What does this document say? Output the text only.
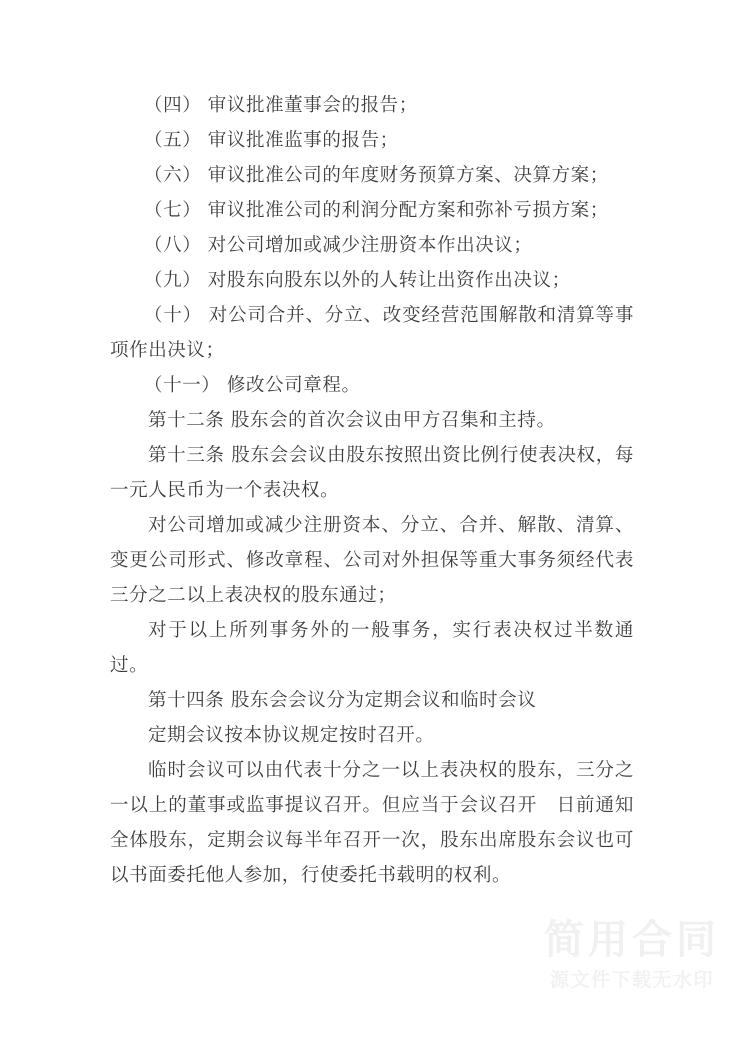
（四） 审议批准董事会的报告；

（五） 审议批准监事的报告；

（六） 审议批准公司的年度财务预算方案、决算方案；

（七） 审议批准公司的利润分配方案和弥补亏损方案；

（八） 对公司增加或减少注册资本作出决议；

（九） 对股东向股东以外的人转让出资作出决议；

（十） 对公司合并、分立、改变经营范围解散和清算等事项作出决议；

（十一） 修改公司章程。

第十二条 股东会的首次会议由甲方召集和主持。

第十三条 股东会会议由股东按照出资比例行使表决权，每一元人民币为一个表决权。

对公司增加或减少注册资本、分立、合并、解散、清算、变更公司形式、修改章程、公司对外担保等重大事务须经代表三分之二以上表决权的股东通过；

对于以上所列事务外的一般事务，实行表决权过半数通过。

第十四条 股东会会议分为定期会议和临时会议

定期会议按本协议规定按时召开。

临时会议可以由代表十分之一以上表决权的股东，三分之一以上的董事或监事提议召开。但应当于会议召开　日前通知全体股东，定期会议每半年召开一次，股东出席股东会议也可以书面委托他人参加，行使委托书载明的权利。

简用合同
源文件下载无水印
